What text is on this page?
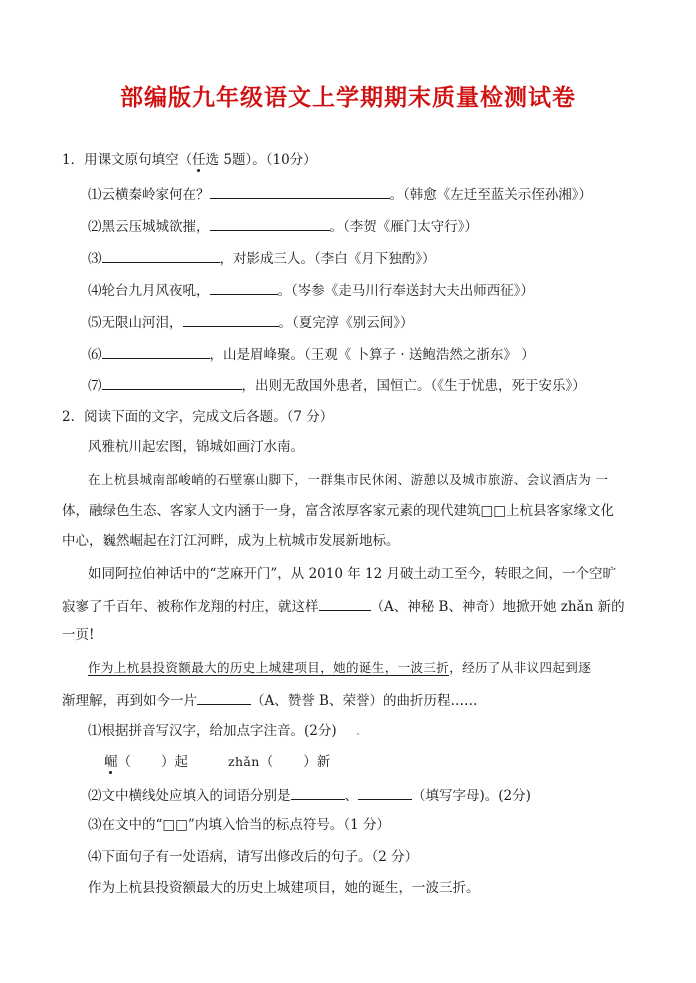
部编版九年级语文上学期期末质量检测试卷
1．用课文原句填空（任选 5题）。（10分）
⑴云横秦岭家何在？	。（韩愈《左迁至蓝关示侄孙湘》）
⑵黑云压城城欲摧，	。（李贺《雁门太守行》）
⑶	，对影成三人。（李白《月下独酌》）
⑷轮台九月风夜吼，	。（岑参《走马川行奉送封大夫出师西征》）
⑸无限山河泪，	。（夏完淳《别云间》）
⑹	，山是眉峰聚。（王观《 卜算子 · 送鲍浩然之浙东》 ）
⑺	，出则无敌国外患者，国恒亡。（《生于忧患，死于安乐》）
2．阅读下面的文字，完成文后各题。（7 分）
风雅杭川起宏图，锦城如画汀水南。
在上杭县城南部峻峭的石壁寨山脚下，一群集市民休闲、游憩以及城市旅游、会议酒店为 一
体，融绿色生态、客家人文内涵于一身，富含浓厚客家元素的现代建筑□□上杭县客家缘文化
中心，巍然崛起在汀江河畔，成为上杭城市发展新地标。
如同阿拉伯神话中的“芝麻开门”，从 2010 年 12 月破土动工至今，转眼之间，一个空旷
寂寥了千百年、被称作龙翔的村庄，就这样	（A、神秘 B、神奇）地掀开她 zhǎn 新的
一页!
作为上杭县投资额最大的历史上城建项目，她的诞生，一波三折，经历了从非议四起到逐
渐理解，再到如今一片	（A、赞誉 B、荣誉）的曲折历程……
⑴根据拼音写汉字，给加点字注音。(2分)
崛（ ）起	zhǎn（ ）新
⑵文中横线处应填入的词语分别是	、	（填写字母)。(2分)
⑶在文中的“□□”内填入恰当的标点符号。（1 分）
⑷下面句子有一处语病，请写出修改后的句子。（2 分）
作为上杭县投资额最大的历史上城建项目，她的诞生，一波三折。
